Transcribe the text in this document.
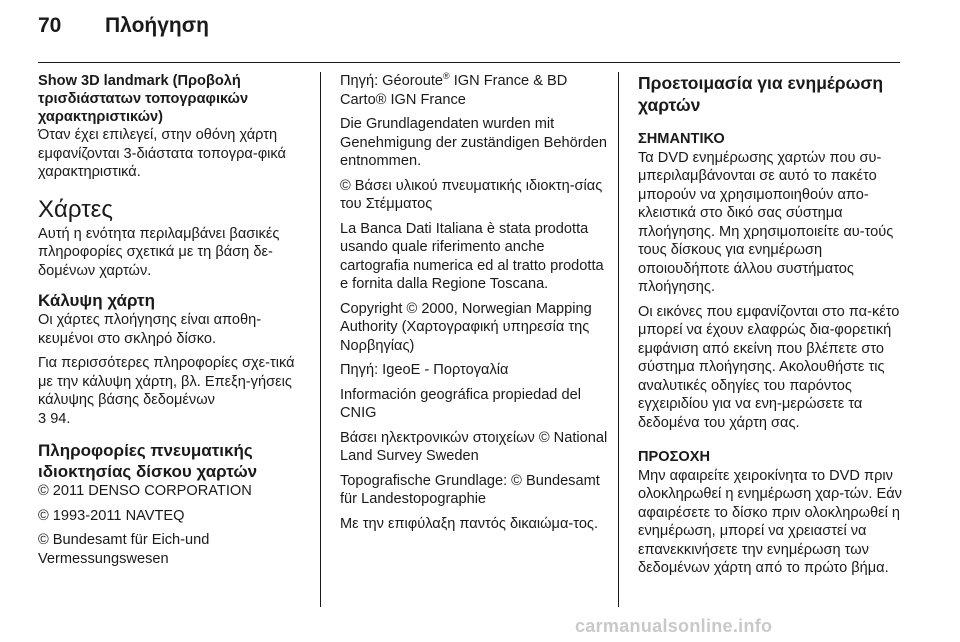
70 Πλοήγηση
Show 3D landmark (Προβολή
τρισδιάστατων τοπογραφικών
χαρακτηριστικών)

Όταν έχει επιλεγεί, στην οθόνη χάρτη εμφανίζονται 3-διάστατα τοπογρα-φικά χαρακτηριστικά.

Χάρτες

Αυτή η ενότητα περιλαμβάνει βασικές πληροφορίες σχετικά με τη βάση δε-δομένων χαρτών.

Κάλυψη χάρτη

Οι χάρτες πλοήγησης είναι αποθη-κευμένοι στο σκληρό δίσκο.

Για περισσότερες πληροφορίες σχε-τικά με την κάλυψη χάρτη, βλ. Επεξη-γήσεις κάλυψης βάσης δεδομένων
3 94.

Πληροφορίες πνευματικής
ιδιοκτησίας δίσκου χαρτών

© 2011 DENSO CORPORATION

© 1993-2011 NAVTEQ

© Bundesamt für Eich-und Vermessungswesen

Πηγή: Géoroute® IGN France & BD Carto® IGN France

Die Grundlagendaten wurden mit Genehmigung der zuständigen Behörden entnommen.

© Βάσει υλικού πνευματικής ιδιοκτη-σίας του Στέμματος

La Banca Dati Italiana è stata prodotta usando quale riferimento anche cartografia numerica ed al tratto prodotta e fornita dalla Regione Toscana.

Copyright © 2000, Norwegian Mapping Authority (Χαρτογραφική υπηρεσία της Νορβηγίας)

Πηγή: IgeoE - Πορτογαλία

Información geográfica propiedad del CNIG

Βάσει ηλεκτρονικών στοιχείων © National Land Survey Sweden

Topografische Grundlage: © Bundesamt für Landestopographie

Με την επιφύλαξη παντός δικαιώμα-τος.

Προετοιμασία για ενημέρωση χαρτών
ΣΗΜΑΝΤΙΚΟ

Τα DVD ενημέρωσης χαρτών που συ-μπεριλαμβάνονται σε αυτό το πακέτο μπορούν να χρησιμοποιηθούν απο-κλειστικά στο δικό σας σύστημα πλοήγησης. Μη χρησιμοποιείτε αυ-τούς τους δίσκους για ενημέρωση οποιουδήποτε άλλου συστήματος πλοήγησης.

Οι εικόνες που εμφανίζονται στο πα-κέτο μπορεί να έχουν ελαφρώς δια-φορετική εμφάνιση από εκείνη που βλέπετε στο σύστημα πλοήγησης. Ακολουθήστε τις αναλυτικές οδηγίες του παρόντος εγχειριδίου για να ενη-μερώσετε τα δεδομένα του χάρτη σας.

ΠΡΟΣΟΧΗ

Μην αφαιρείτε χειροκίνητα το DVD πριν ολοκληρωθεί η ενημέρωση χαρ-τών. Εάν αφαιρέσετε το δίσκο πριν ολοκληρωθεί η ενημέρωση, μπορεί να χρειαστεί να επανεκκινήσετε την ενημέρωση των δεδομένων χάρτη από το πρώτο βήμα.

carmanualsonline.info
